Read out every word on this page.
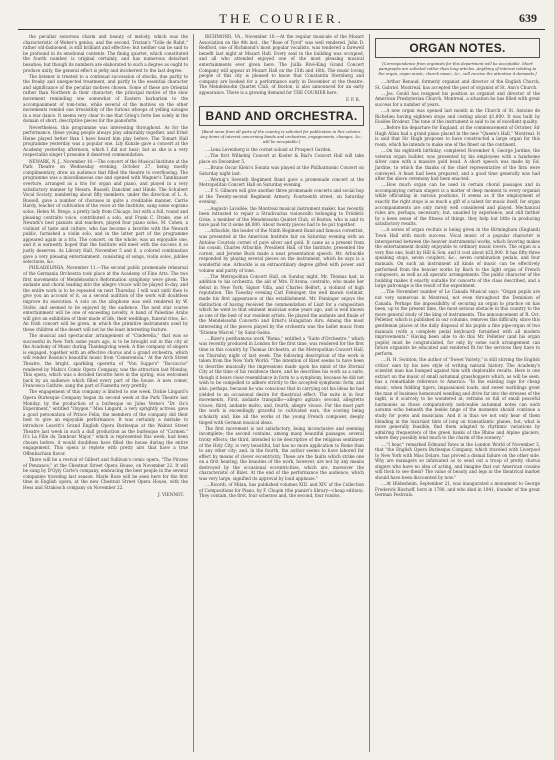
THE COURIER.	639

the peculiar sonorous charm and beauty of melody, which was the characteristic of Weber's genius, and the second, Tristan's "Tolle de Rabit," rather old-fashioned, is still brilliant and effective; but neither can be said to be profound in its emotional contents. The fining quartet, which constituted the fourth number, is original certainly, and has numerous detached beauties; but though its numbers are elaborated to such a degree as ought to produce unity, the general effect is jerky and incoherent to the last degree.

The listener is treated to a continual succession of shocks, due partly to the freaky and unexpected treatment, and partly to the essential character and significance of the peculiar motives chosen. Some of these are Oriental rather than Northern in their character; the principal motive of the slow movement reminding one somewhat of Eastern barbarism to the accompaniment of tom-toms, while several of the motives on the other movements remind one irresistibly of the furious whoops of yelling savages in a war dance. It seems very clear to me that Grieg's forte lies solely in the domain of short, descriptive pieces for the pianoforte.

Nevertheless, this programme was interesting throughout. As for the performance, these young people always play admirably together, and Ernst Heine played better than I have heard him play before. The Tomart Hall programme yesterday was a popular one. Lily Kunzle gave a concert at the Academy yesterday afternoon, which I did not hear; but as she is a very respectable singer I presume it deserved commendation.

NEWARK, N. J., November 10.—The concert of the Musical Institute at the Park Theatre on Wednesday evening, October 27, being mostly complimentary, drew an audience that filled the theatre to overflowing. The programme was a miscellaneous one and opened with Wagner's Tannhauser overture, arranged as a trio for organ and piano, and played in a very satisfactory manner by Messrs. Russell, Danckler and Hinds. The Schubert Vocal Society, numbering about fifty members, under the direction of L. A. Russell, gave a number of choruses in quite a creditable manner. Carrie Hardy, teacher of cultivation of the voice at the Institute, sang some soprano solos. Helen M. Brego, a pretty lady from Chicago, but with a full, round and pleasing contralto voice, contributed a solo, and Frank C. Drake, one of Newark's best pianists and teachers, played four piano solos. M. Cohen, a violinist of taste and culture, who has become a favorite with the Newark public, furnished a violin solo, and in the latter part of the programme appeared again in a trio. The concert, on the whole, was an enjoyable one, and it is earnestly hoped that the Institute will meet with the success it so justly deserves. As Library Hall, November 5 and 6, a colored combination gave a very pleasing entertainment, consisting of songs, violin solos, jubilee selections, &c.

PHILADELPHIA, November 11.—The second public promenade rehearsal of the Germania Orchestra took place at the Academy of Fine Arts. The two first movements of Mendelssohn's Reformation symphony were given. The andante and choral leading into the allegro vivace will be played to-day, and the entire work is to be repeated on next Thursday. I will wait until then to give you an account of it, as a second audition of the work will doubtless improve its execution. A solo on the xilophone was well rendered by W. Stolte, and seemed to be enjoyed by the audience. The next star course entertainment will be one of exceeding novelty. A band of Palestine Arabs will give an exhibition of their mode of life, their weddings, funeral rites, &c. An Irish concert will be given, in which the primitive instruments used by these children of the desert will not be the least interesting feature.

The musical and spectacular arrangement of "Cinderella," that was so successful in New York some years ago, is to be brought out in this city at the Academy of Music during Thanksgiving week. A fine company of singers is engaged, together with an effective chorus and a grand orchestra, which will render Rossini's beautiful music from "Cenerentola." At the Arch Street Theatre, the bright, sparkling operetta of "Von Suppe's" "Boccaccio" rendered by Mahn's Comic Opera Company, was the attraction last Monday. This opera, which was a decided favorite here in the spring, was welcomed back by an audience which filled every part of the house. A new comer, Francesca Guthrie, sang the part of Fiametta very prettily.

The engagement of this company is limited to one week. Dickie Lingard's Opera Burlesque Company began its second week at the Park Theatre last Monday, by the production of a burlesque on Jules Verne's "Dr. Ox's Experiment," entitled "Oxygen." Miss Lingard, a very sprightly actress, gave a good personation of Prince Felix; the members of the company did their best to give an enjoyable performance. It was certainly a mistake to introduce Leavitt's Grand English Opera Burlesque at the Walnut Street Theatre last week in such a dull production as the burlesque of "Carmen." It's La Fille du Tambour Major," which is represented this week, had been chosen before, it would doubtless have filled the house during the entire engagement. This opera is replete with pretty airs that have a true Offenbachian flavor.

There will be a revival of Gilbert and Sullivan's comic opera, "The Pirates of Penzance," at the Chestnut Street Opera House, on November 22. It will be sung by D'Oyly Carte's company, embracing the best people in the several companies traveling last season. Marie Roze will be seen here for the first time in English opera, at the new Chestnut Street Opera House, with the Hess and Strakosch company on November 22.

J. VIENNOT.

RICHMOND, VA., November 10.—At the regular musicale of the Mozart Association on the 4th inst., the "Rose of Tyrol" was well rendered. John D. Redford, one of Richmond's most popular vocalists, was tendered a farewell benefit last night at Mozart Hall. Every seat in the building was occupied, and all who attended enjoyed one of the most pleasing musical entertainments ever given here. The Juilla Rivé-King Grand Concert Company will appear at Mozart Hall on the 15th and 16th. The music loving people of this city is pleased to know that Constantin Sternberg and company are booked for a performance early in December at the theatre. The Mendelssohn Quartet Club, of Boston, is also announced for an early appearance. There is a growing demand for THE COURIER here.

F. P. B.
BAND AND ORCHESTRA.
[Band news from all parts of the country is solicited for publication in this column. Any items of interest concerning bands and orchestras, engagements, changes, &c., will be acceptable.]

....Lena Levenberg is the cornet soloist at Prospect Garden.

....The first Wilhelmj Concert at Koster & Bial's Concert Hall will take place on December 5.

....Bruno Oscar Klein's Sonata was played at the Philharmonic Concert on Saturday night last.

....Wernig's Seventh Regiment Band gave a promenade concert at the Metropolitan Concert Hall on Saturday evening.

....P. S. Gilmore will give another three promenade concerts and social hop at the Twenty-second Regiment Armory, Fourteenth street, on Saturday evening.

....Augusto Lavallée, the Montreal musical instrument maker, has recently been intrusted to repair a Stradivarius violoncello belonging to Frédéric Grise, a member of the Mendelssohn Quintet Club, of Boston, who is said to have paid for it some $6,000. About twenty pieces had to be put together.

....Arbuckle, the leader of the Ninth Regiment Band and famous cornettist, was presented at the American Institute fair on Saturday evening with an Antoine Courtois cornet of pure silver and gold. It came as a present from his cousin, Charles Arbuckle, President Hall, of the Institute, presented the cornet, and Jerome Buck made a neat presentation speech. Mr. Arbuckle responded by playing several pieces on the instrument, which he says is a wonderful one. Arbuckle is an extraordinary degree gifted with power and volume and purity of tone.

....The Metropolitan Concert Hall, on Sunday night, Mr. Thomas had, in addition to his orchestra, the aid of Mrs. D'Arona, contralto, who made her debut in New York; Signor Villa, and Charles Belfort, a violinist of high reputation. The Tuesday evening Carl Feininger, the well known violinist, made his first appearance at this establishment. Mr. Feininger enjoys the distinction of having received the commendation of Liszt for a composition which he went to that eminent musician some years ago, and is well known as one of the best of our resident artists. He played the andante and finale of the Mendelssohn Concerto and Ernst's Hungarian Airs. Among the most interesting of the pieces played by the orchestra was the ballet music from "Etienne Marcel," by Saint-Saëns.

....Bizet's posthumous work "Roma," entitled a "Suite d'Orchestre," which was recently produced in London for the first time, was rendered for the first time in this country by Thomas Orchestra, at the Metropolitan Concert Hall, on Thursday night of last week. The following description of the work is taken from the New York World: "The intention of Bizet seems to have been to describe musically the impressions made upon his mind of the Eternal City at the time of his residence there, and he describes his work as a suite, though it bears close resemblance in form to a symphony, because he did not wish to be compelled to adhere strictly to the accepted symphonic form, and also, perhaps, because he was conscious that in carrying out his ideas he had yielded to an occasional desire for theatrical effect. The suite is in four movements. First, andante tranquillo—allegro agitato; second, allegretto vivace; third, andante molto, and, fourth, allegro vivace. For the most part the work is exceedingly graceful to cultivated ears, the scoring being scholarly and, like all the works of the young French composer, deeply tinged with German musical ideas.

The first movement is not satisfactory, being inconclusive and seeming incomplete; the second contains, among many beautiful passages, several tricky effects; the third, intended to be descriptive of the religious sentiment of the Holy City, is very beautiful, but has no more application to Rome than to any other city; and, in the fourth, the author seems to have labored for effect by means of clever eccentricity. These are the faults which strike one on a first hearing; the beauties of the work, however, are not by any means destroyed by the occasional eccentricities, which are, moreover the characteristic of Bizet. At the end of the performance the audience, which was very large, signified its approval by loud applause."

....Ricordi, of Milan, has published volumes XIII. and XIV. of the Collection of Compositions for Piano, by F. Chopin (the pianist's library—cheap edition). They contain, the first, four scherzos and, the second, four rondos.

ORGAN NOTES.
[Correspondence from organists for this department will be acceptable. Short paragraphs are solicited rather than long articles. Anything of interest relating to the organ, organ music, church music, &c., will receive the attention it demands.]

....Arthur Renaud, formerly organist and director of the English Church, St. Gabriel, Montreal, has accepted the post of organist of St. Ann's Church.

....Jos. Gould has resigned his position as organist and director of the American Presbyterian Church, Montreal, a situation he has filled with great success for a number of years.

....A new organ was opened last month in the Church of St. Antoine de Richelieu having eighteen stops and costing about $1,800. It was built by Eusèbe Brodeur. The tone of the instrument is said to be of excellent quality.

....Before his departure for England, at the commencement of October, Sir Hugh Allan had a grand piano placed in the new "Queen's Hall," Montreal. It is said that Sir Hugh proposes to have constructed a large organ for this room, which he intends to make one of the finest on the continent.

....On his eightieth birthday, completed November 8, George Jardine, the veteran organ builder, was presented by his employees with a handsome silver cane with a massive gold head. A short speech was made by Ed. Jardine, to which the thanks of the chief representative of the firm were conveyed. A feast had been prepared, and a good time generally was had after the above ceremony had been enacted.

....How much organ can be used in certain choral passages and in accompanying certain singers is a matter of deep moment to every organist while officiating in various positions. It seems as if the employment of exactly the right stops is as much a gift of a talent for music itself, for organ accompaniments are only rarely well considered and played. Mechanical rules are, perhaps, necessary; but, unaided by experience, and still farther by a keen sense of the fitness of things, they help but little in producing satisfactory results.

....A series of organ recitals is being given in the Birmingham (England) Town Hall with much success. Vocal music of a popular character is interspersed between the heavier instrumental works, which favoring makes the entertainment doubly enjoyable to ordinary music lovers. The organ is a very fine one, built by Hill & Son, and it cost about $25,000. It has fifty-three speaking stops, seven couplers, &c., seven combination pedals, and four manuals. On such an instrument all kinds of music can be effectively performed from the heavier works by Bach to the light organ of French composers, as well as all operatic arrangements. The public character of the building makes it exactly suitable for concerts of the class described, and a large patronage is the result of the experiment.

....The November number of Le Canada Musical says: "Organ pupils are not very numerous in Montreal, not even throughout the Dominion of Canada. Perhaps the impossibility of securing an organ to practice on has been, up to the present time, the most serious obstacle in this country to the more general study of the king of instruments. The announcement of R. Oct. Pelletier, which is published in our columns, removes this difficulty, since this gentleman places at the daily disposal of his pupils a fine pipe-organ of two manuals (with a complete pedal keyboard) furnished with all modern improvements." Having been able to do this Mr. Pelletier (and his organ pupils) must be congratulated, for only by some such arrangement can future organists be educated and rendered fit for the services they have to perform.

....H. H. Swinton, the author of "Sweet Variety," is still stirring the English critics' ears by his new style of writing natural history. The Academy's scientist man has bumped against him with deplorable results. Here is one extract on the music of small autumnal grasshoppers which, as will be seen, has a remarkable reference to America: "In the existing rage for cheap music, when fiddling tigers, impassioned toads, and sweet warblings greet the man of business homeward wending and drive far into the stresses of the night, is it scarcely to be wondered at, refrains so full of small peaceful harmonies as those comparatively noticeable autumnal notes can each autumn echo beneath the feeble tinge of the moments should continue a study for poets and musicians. And it is thus we not only hear of them blending in the luxuriant tints of long on transatlantic planes, but, what is more generally feasible, find them adapted to rhythmic variations by admiring frequenters of the green banks of the Rhine and Alpine glaciers, where they possibly lend much to the charm of the scenery."

...."I hear," remarked Edmund Yates in the London World of November 3, that "the English Opera Burlesque Company, which traveled with Liverpool to New York with Miss Dolaro, has proved a dismal failure on the other side. Why are managers so infatuated as to send out a troop of pretty chorus singers who have no idea of acting, and imagine that our American cousins will flock to see them? The value of beauty and legs in the theatrical market should have been discounted by now."

....At Hildesheim, September 21, was inaugurated a monument to George Frederick Bischoff, born in 1780, and who died in 1841, founder of the great German Festivals.
